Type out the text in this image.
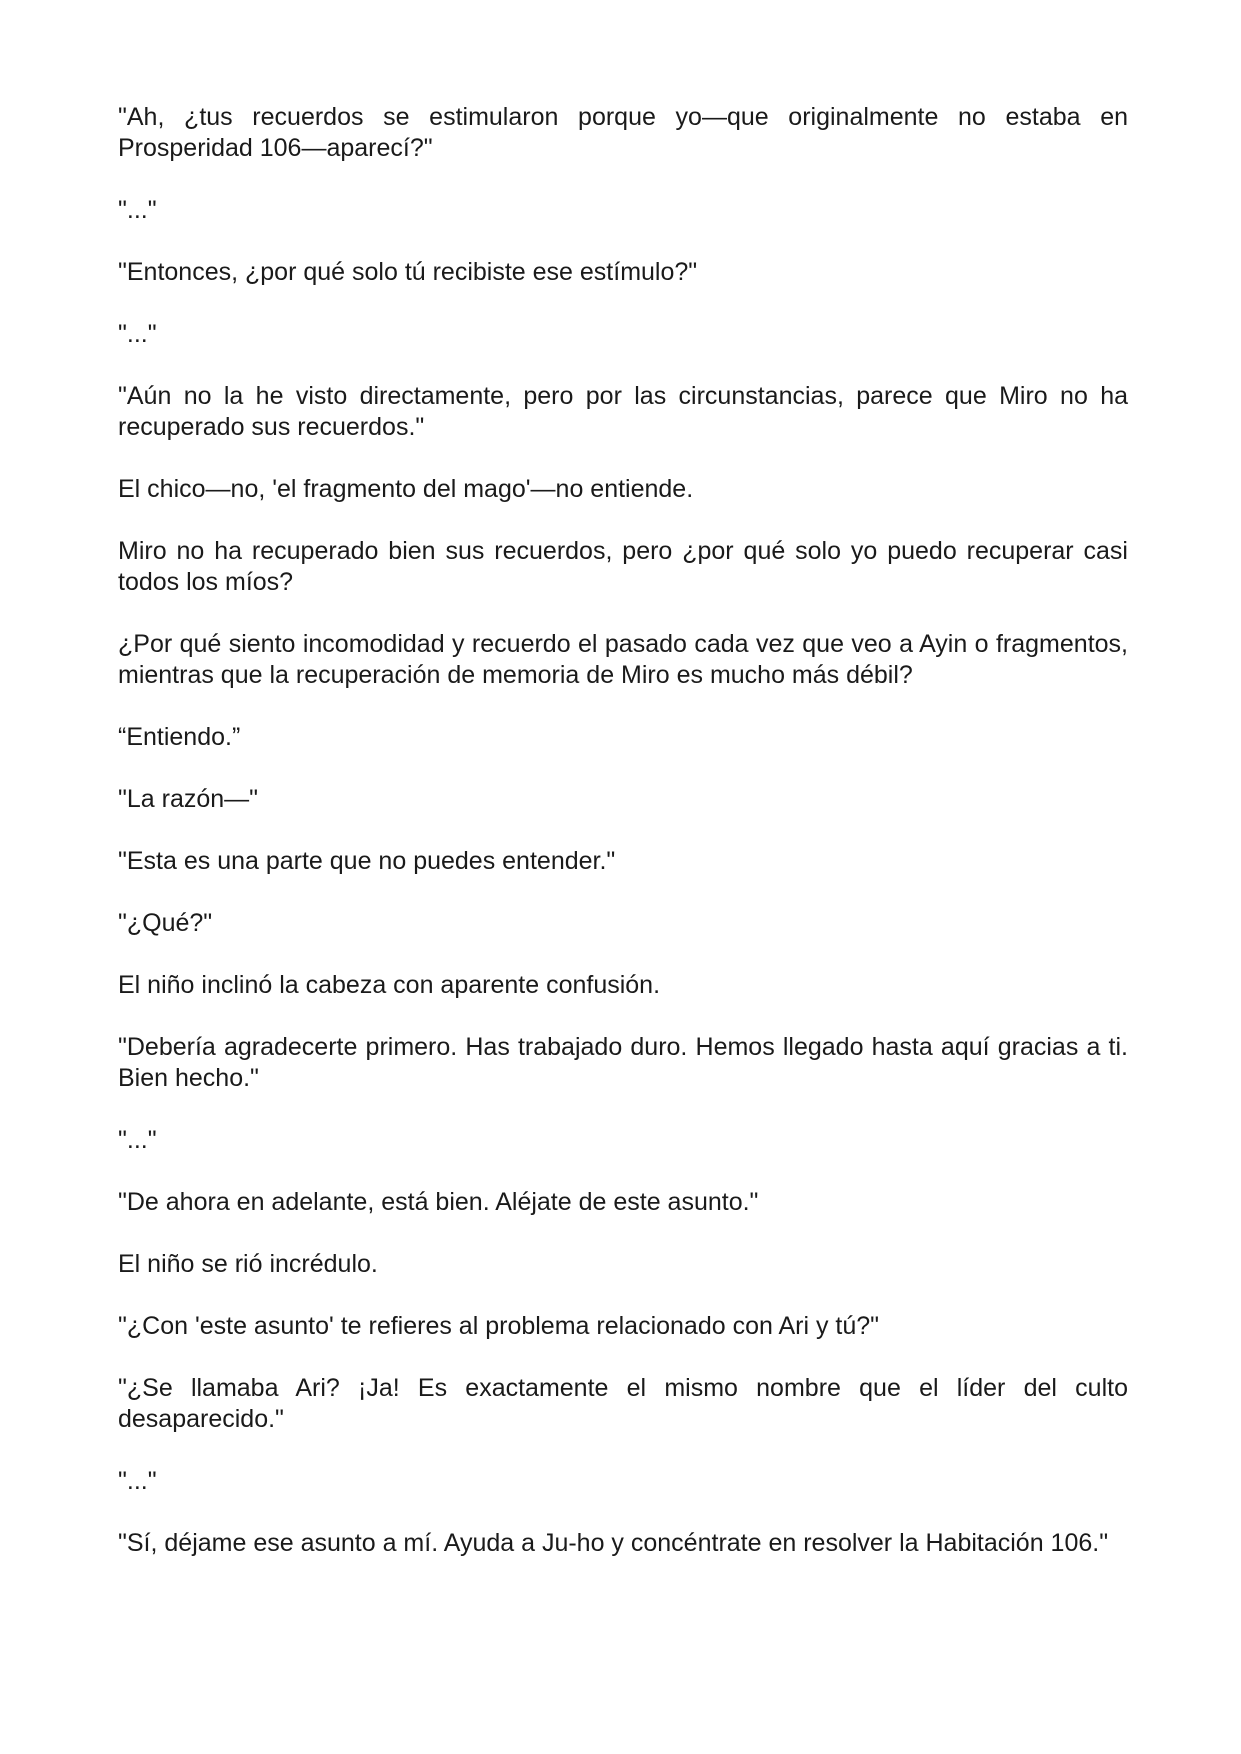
"Ah, ¿tus recuerdos se estimularon porque yo—que originalmente no estaba en Prosperidad 106—aparecí?"

"..."

"Entonces, ¿por qué solo tú recibiste ese estímulo?"

"..."

"Aún no la he visto directamente, pero por las circunstancias, parece que Miro no ha recuperado sus recuerdos."

El chico—no, 'el fragmento del mago'—no entiende.

Miro no ha recuperado bien sus recuerdos, pero ¿por qué solo yo puedo recuperar casi todos los míos?

¿Por qué siento incomodidad y recuerdo el pasado cada vez que veo a Ayin o fragmentos, mientras que la recuperación de memoria de Miro es mucho más débil?

“Entiendo.”

"La razón—"

"Esta es una parte que no puedes entender."

"¿Qué?"

El niño inclinó la cabeza con aparente confusión.

"Debería agradecerte primero. Has trabajado duro. Hemos llegado hasta aquí gracias a ti. Bien hecho."

"..."

"De ahora en adelante, está bien. Aléjate de este asunto."

El niño se rió incrédulo.

"¿Con 'este asunto' te refieres al problema relacionado con Ari y tú?"

"¿Se llamaba Ari? ¡Ja! Es exactamente el mismo nombre que el líder del culto desaparecido."

"..."

"Sí, déjame ese asunto a mí. Ayuda a Ju-ho y concéntrate en resolver la Habitación 106."
